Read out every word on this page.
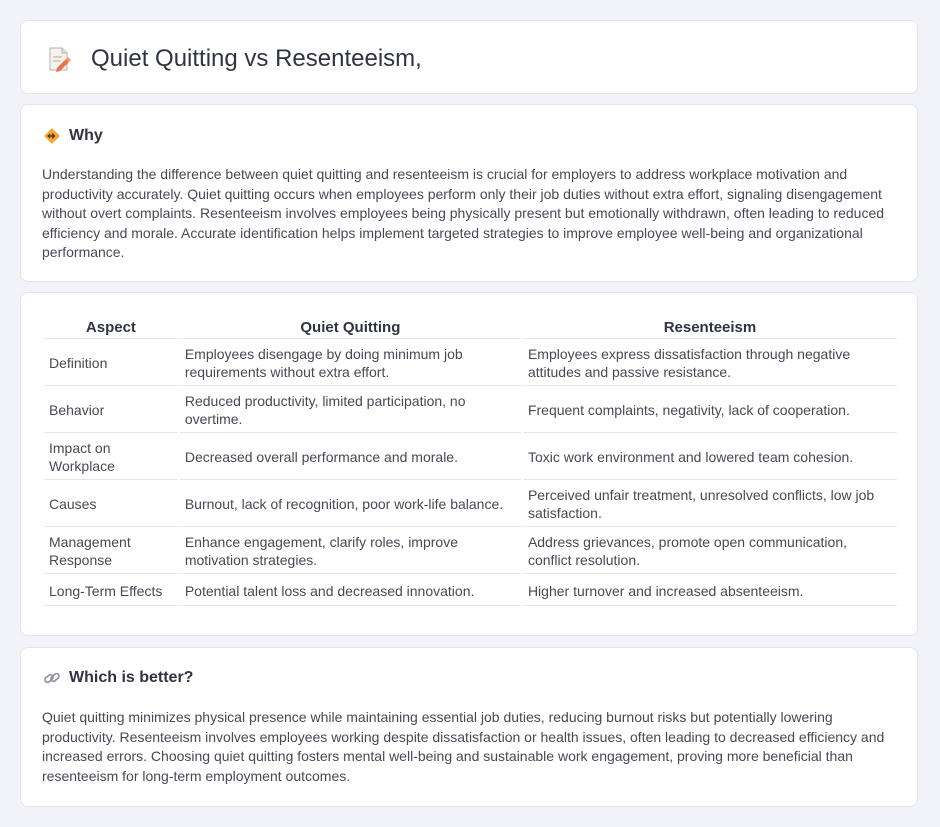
Quiet Quitting vs Resenteeism,
Why

Understanding the difference between quiet quitting and resenteeism is crucial for employers to address workplace motivation and productivity accurately. Quiet quitting occurs when employees perform only their job duties without extra effort, signaling disengagement without overt complaints. Resenteeism involves employees being physically present but emotionally withdrawn, often leading to reduced efficiency and morale. Accurate identification helps implement targeted strategies to improve employee well-being and organizational performance.

Aspect	Quiet Quitting	Resenteeism
Definition	Employees disengage by doing minimum job requirements without extra effort.	Employees express dissatisfaction through negative attitudes and passive resistance.
Behavior	Reduced productivity, limited participation, no overtime.	Frequent complaints, negativity, lack of cooperation.
Impact on Workplace	Decreased overall performance and morale.	Toxic work environment and lowered team cohesion.
Causes	Burnout, lack of recognition, poor work-life balance.	Perceived unfair treatment, unresolved conflicts, low job satisfaction.
Management Response	Enhance engagement, clarify roles, improve motivation strategies.	Address grievances, promote open communication, conflict resolution.
Long-Term Effects	Potential talent loss and decreased innovation.	Higher turnover and increased absenteeism.
Which is better?

Quiet quitting minimizes physical presence while maintaining essential job duties, reducing burnout risks but potentially lowering productivity. Resenteeism involves employees working despite dissatisfaction or health issues, often leading to decreased efficiency and increased errors. Choosing quiet quitting fosters mental well-being and sustainable work engagement, proving more beneficial than resenteeism for long-term employment outcomes.
